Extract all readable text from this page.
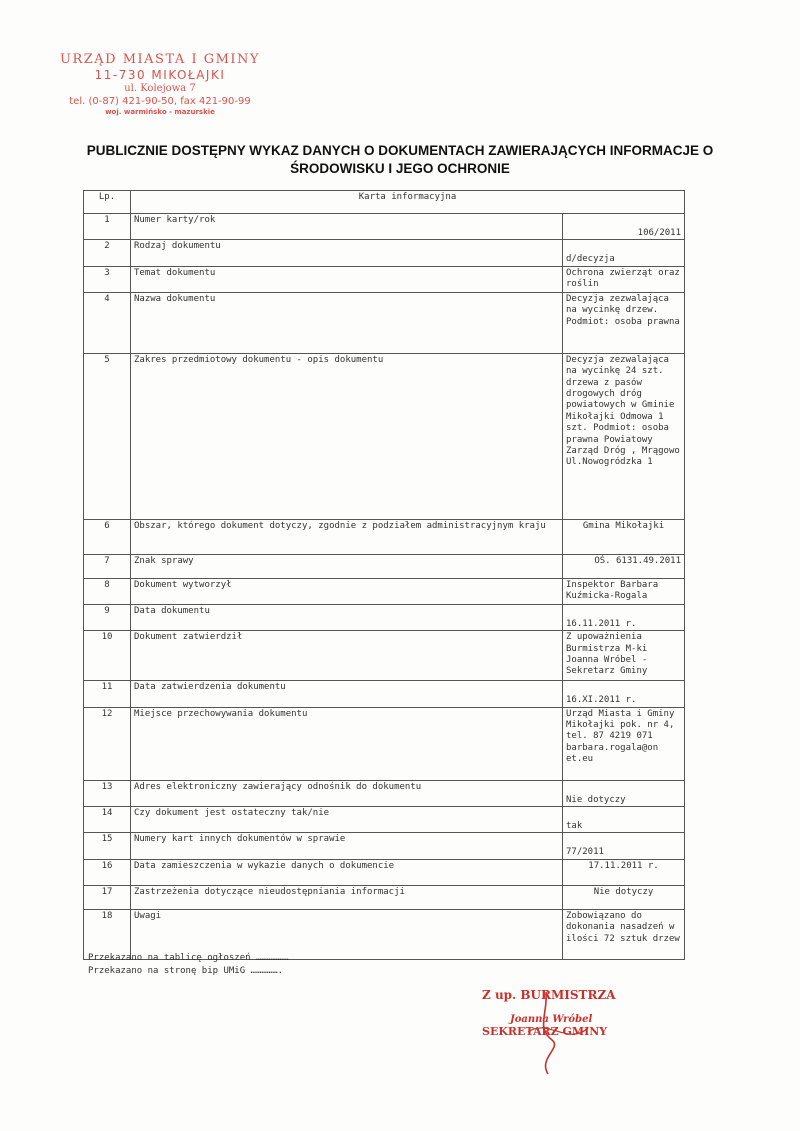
URZĄD MIASTA I GMINY
11-730 MIKOŁAJKI
ul. Kolejowa 7
tel. (0-87) 421-90-50, fax 421-90-99
woj. warmińsko - mazurskie
PUBLICZNIE DOSTĘPNY WYKAZ DANYCH O DOKUMENTACH ZAWIERAJĄCYCH INFORMACJE O ŚRODOWISKU I JEGO OCHRONIE
Lp.	Karta informacyjna	
1	Numer karty/rok	106/2011

2	Rodzaj dokumentu	d/decyzja

3	Temat dokumentu	Ochrona zwierząt oraz roślin
4	Nazwa dokumentu	Decyzja zezwalająca na wycinkę drzew. Podmiot: osoba prawna
5	Zakres przedmiotowy dokumentu - opis dokumentu	Decyzja zezwalająca na wycinkę 24 szt. drzewa z pasów drogowych dróg powiatowych w Gminie Mikołajki Odmowa 1 szt. Podmiot: osoba prawna Powiatowy Zarząd Dróg , Mrągowo Ul.Nowogródzka 1
6	Obszar, którego dokument dotyczy, zgodnie z podziałem administracyjnym kraju	Gmina Mikołajki
7	Znak sprawy	OŚ. 6131.49.2011
8	Dokument wytworzył	Inspektor Barbara Kuźmicka-Rogala
9	Data dokumentu	16.11.2011 r.

10	Dokument zatwierdził	Z upoważnienia Burmistrza M-ki Joanna Wróbel - Sekretarz Gminy
11	Data zatwierdzenia dokumentu	16.XI.2011 r.

12	Miejsce przechowywania dokumentu	Urząd Miasta i Gminy Mikołajki pok. nr 4, tel. 87 4219 071 barbara.rogala@on et.eu
13	Adres elektroniczny zawierający odnośnik do dokumentu	Nie dotyczy

14	Czy dokument jest ostateczny tak/nie	tak

15	Numery kart innych dokumentów w sprawie	77/2011

16	Data zamieszczenia w wykazie danych o dokumencie	17.11.2011 r.
17	Zastrzeżenia dotyczące nieudostępniania informacji	Nie dotyczy
18	Uwagi	Zobowiązano do dokonania nasadzeń w ilości 72 sztuk drzew
Przekazano na tablicę ogłoszeń ………………
Przekazano na stronę bip UMiG …………….
Z up. BURMISTRZA
Joanna Wróbel
SEKRETARZ GMINY
